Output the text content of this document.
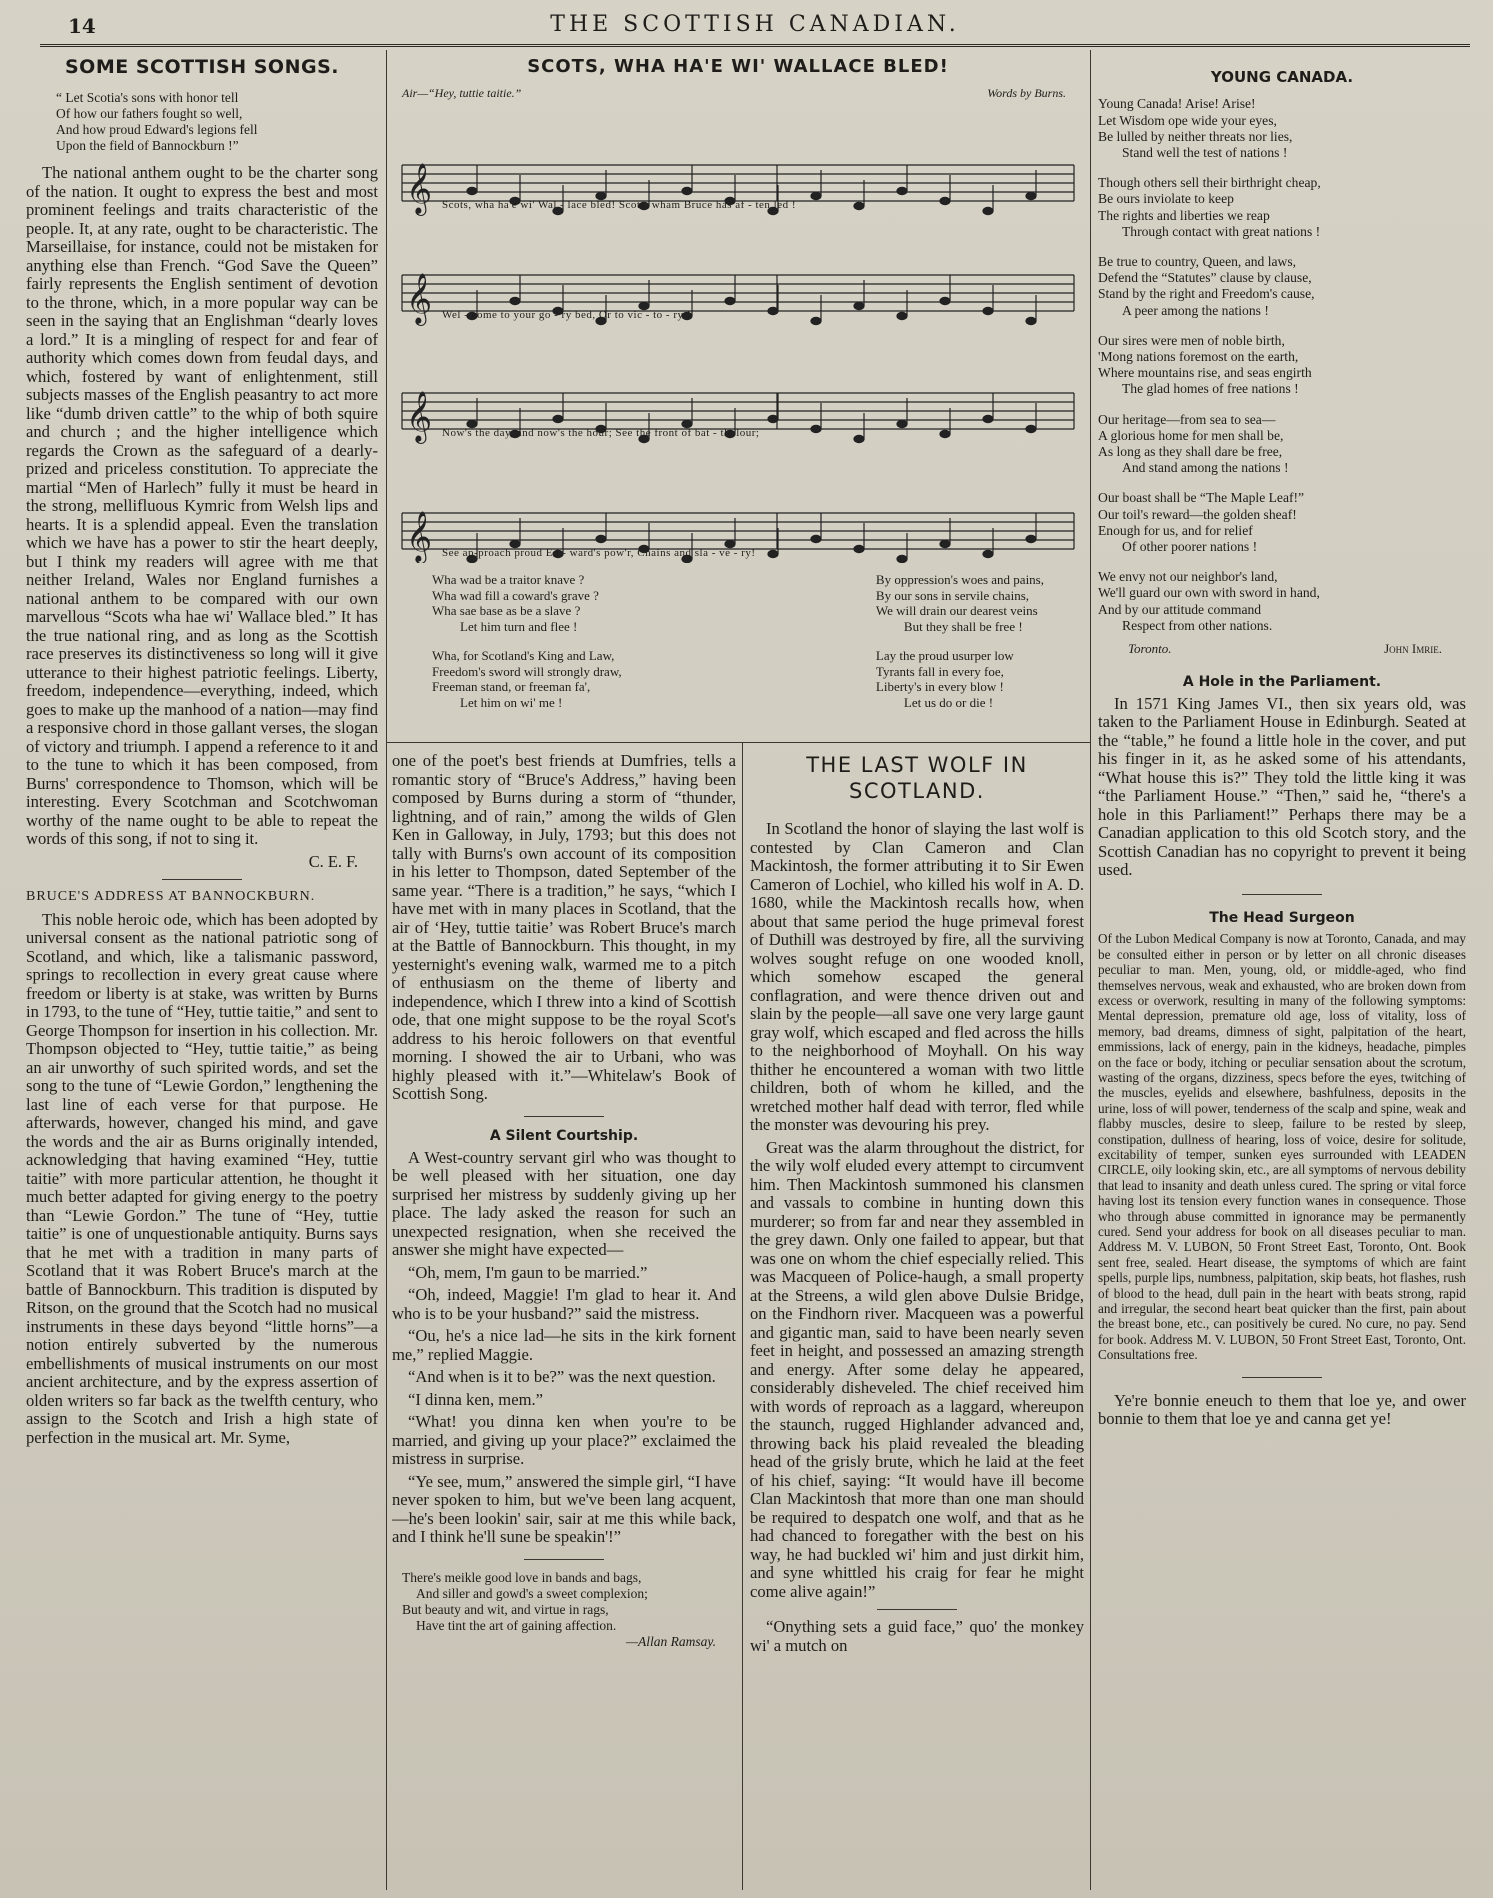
14	THE SCOTTISH CANADIAN.
SOME SCOTTISH SONGS.
“ Let Scotia's sons with honor tell
Of how our fathers fought so well,
And how proud Edward's legions fell
Upon the field of Bannockburn !”

The national anthem ought to be the charter song of the nation. It ought to express the best and most prominent feelings and traits characteristic of the people. It, at any rate, ought to be characteristic. The Marseillaise, for instance, could not be mistaken for anything else than French. “God Save the Queen” fairly represents the English sentiment of devotion to the throne, which, in a more popular way can be seen in the saying that an Englishman “dearly loves a lord.” It is a mingling of respect for and fear of authority which comes down from feudal days, and which, fostered by want of enlightenment, still subjects masses of the English peasantry to act more like “dumb driven cattle” to the whip of both squire and church ; and the higher intelligence which regards the Crown as the safeguard of a dearly-prized and priceless constitution. To appreciate the martial “Men of Harlech” fully it must be heard in the strong, mellifluous Kymric from Welsh lips and hearts. It is a splendid appeal. Even the translation which we have has a power to stir the heart deeply, but I think my readers will agree with me that neither Ireland, Wales nor England furnishes a national anthem to be compared with our own marvellous “Scots wha hae wi' Wallace bled.” It has the true national ring, and as long as the Scottish race preserves its distinctiveness so long will it give utterance to their highest patriotic feelings. Liberty, freedom, independence—everything, indeed, which goes to make up the manhood of a nation—may find a responsive chord in those gallant verses, the slogan of victory and triumph. I append a reference to it and to the tune to which it has been composed, from Burns' correspondence to Thomson, which will be interesting. Every Scotchman and Scotchwoman worthy of the name ought to be able to repeat the words of this song, if not to sing it.

C. E. F.
BRUCE'S ADDRESS AT BANNOCKBURN.

This noble heroic ode, which has been adopted by universal consent as the national patriotic song of Scotland, and which, like a talismanic password, springs to recollection in every great cause where freedom or liberty is at stake, was written by Burns in 1793, to the tune of “Hey, tuttie taitie,” and sent to George Thompson for insertion in his collection. Mr. Thompson objected to “Hey, tuttie taitie,” as being an air unworthy of such spirited words, and set the song to the tune of “Lewie Gordon,” lengthening the last line of each verse for that purpose. He afterwards, however, changed his mind, and gave the words and the air as Burns originally intended, acknowledging that having examined “Hey, tuttie taitie” with more particular attention, he thought it much better adapted for giving energy to the poetry than “Lewie Gordon.” The tune of “Hey, tuttie taitie” is one of unquestionable antiquity. Burns says that he met with a tradition in many parts of Scotland that it was Robert Bruce's march at the battle of Bannockburn. This tradition is disputed by Ritson, on the ground that the Scotch had no musical instruments in these days beyond “little horns”—a notion entirely subverted by the numerous embellishments of musical instruments on our most ancient architecture, and by the express assertion of olden writers so far back as the twelfth century, who assign to the Scotch and Irish a high state of perfection in the musical art. Mr. Syme,

SCOTS, WHA HA'E WI' WALLACE BLED!
Air—“Hey, tuttie taitie.”	Words by Burns.
𝄞
𝄞
𝄞
𝄞
Scots, wha ha'e wi' Wal - lace bled! Scots, wham Bruce has af - ten led !
Wel - come to your go - ry bed, Or to vic - to - ry !
Now's the day, and now's the hour; See the front of bat - tle lour;
See ap-proach proud Ed - ward's pow'r, Chains and sla - ve - ry!
Wha wad be a traitor knave ?
Wha wad fill a coward's grave ?
Wha sae base as be a slave ?
Let him turn and flee !
Wha, for Scotland's King and Law,
Freedom's sword will strongly draw,
Freeman stand, or freeman fa',
Let him on wi' me !
By oppression's woes and pains,
By our sons in servile chains,
We will drain our dearest veins
But they shall be free !
Lay the proud usurper low
Tyrants fall in every foe,
Liberty's in every blow !
Let us do or die !

one of the poet's best friends at Dumfries, tells a romantic story of “Bruce's Address,” having been composed by Burns during a storm of “thunder, lightning, and of rain,” among the wilds of Glen Ken in Galloway, in July, 1793; but this does not tally with Burns's own account of its composition in his letter to Thompson, dated September of the same year. “There is a tradition,” he says, “which I have met with in many places in Scotland, that the air of ‘Hey, tuttie taitie’ was Robert Bruce's march at the Battle of Bannockburn. This thought, in my yesternight's evening walk, warmed me to a pitch of enthusiasm on the theme of liberty and independence, which I threw into a kind of Scottish ode, that one might suppose to be the royal Scot's address to his heroic followers on that eventful morning. I showed the air to Urbani, who was highly pleased with it.”—Whitelaw's Book of Scottish Song.

A Silent Courtship.

A West-country servant girl who was thought to be well pleased with her situation, one day surprised her mistress by suddenly giving up her place. The lady asked the reason for such an unexpected resignation, when she received the answer she might have expected—

“Oh, mem, I'm gaun to be married.”

“Oh, indeed, Maggie! I'm glad to hear it. And who is to be your husband?” said the mistress.

“Ou, he's a nice lad—he sits in the kirk fornent me,” replied Maggie.

“And when is it to be?” was the next question.

“I dinna ken, mem.”

“What! you dinna ken when you're to be married, and giving up your place?” exclaimed the mistress in surprise.

“Ye see, mum,” answered the simple girl, “I have never spoken to him, but we've been lang acquent,—he's been lookin' sair, sair at me this while back, and I think he'll sune be speakin'!”

There's meikle good love in bands and bags,
And siller and gowd's a sweet complexion;
But beauty and wit, and virtue in rags,
Have tint the art of gaining affection.
—Allan Ramsay.
THE LAST WOLF IN SCOTLAND.

In Scotland the honor of slaying the last wolf is contested by Clan Cameron and Clan Mackintosh, the former attributing it to Sir Ewen Cameron of Lochiel, who killed his wolf in A. D. 1680, while the Mackintosh recalls how, when about that same period the huge primeval forest of Duthill was destroyed by fire, all the surviving wolves sought refuge on one wooded knoll, which somehow escaped the general conflagration, and were thence driven out and slain by the people—all save one very large gaunt gray wolf, which escaped and fled across the hills to the neighborhood of Moyhall. On his way thither he encountered a woman with two little children, both of whom he killed, and the wretched mother half dead with terror, fled while the monster was devouring his prey.

Great was the alarm throughout the district, for the wily wolf eluded every attempt to circumvent him. Then Mackintosh summoned his clansmen and vassals to combine in hunting down this murderer; so from far and near they assembled in the grey dawn. Only one failed to appear, but that was one on whom the chief especially relied. This was Macqueen of Police-haugh, a small property at the Streens, a wild glen above Dulsie Bridge, on the Findhorn river. Macqueen was a powerful and gigantic man, said to have been nearly seven feet in height, and possessed an amazing strength and energy. After some delay he appeared, considerably disheveled. The chief received him with words of reproach as a laggard, whereupon the staunch, rugged Highlander advanced and, throwing back his plaid revealed the bleading head of the grisly brute, which he laid at the feet of his chief, saying: “It would have ill become Clan Mackintosh that more than one man should be required to despatch one wolf, and that as he had chanced to foregather with the best on his way, he had buckled wi' him and just dirkit him, and syne whittled his craig for fear he might come alive again!”

“Onything sets a guid face,” quo' the monkey wi' a mutch on

YOUNG CANADA.
Young Canada! Arise! Arise!
Let Wisdom ope wide your eyes,
Be lulled by neither threats nor lies,
Stand well the test of nations !
Though others sell their birthright cheap,
Be ours inviolate to keep
The rights and liberties we reap
Through contact with great nations !
Be true to country, Queen, and laws,
Defend the “Statutes” clause by clause,
Stand by the right and Freedom's cause,
A peer among the nations !
Our sires were men of noble birth,
'Mong nations foremost on the earth,
Where mountains rise, and seas engirth
The glad homes of free nations !
Our heritage—from sea to sea—
A glorious home for men shall be,
As long as they shall dare be free,
And stand among the nations !
Our boast shall be “The Maple Leaf!”
Our toil's reward—the golden sheaf!
Enough for us, and for relief
Of other poorer nations !
We envy not our neighbor's land,
We'll guard our own with sword in hand,
And by our attitude command
Respect from other nations.
Toronto.	John Imrie.
A Hole in the Parliament.

In 1571 King James VI., then six years old, was taken to the Parliament House in Edinburgh. Seated at the “table,” he found a little hole in the cover, and put his finger in it, as he asked some of his attendants, “What house this is?” They told the little king it was “the Parliament House.” “Then,” said he, “there's a hole in this Parliament!” Perhaps there may be a Canadian application to this old Scotch story, and the Scottish Canadian has no copyright to prevent it being used.

The Head Surgeon

Of the Lubon Medical Company is now at Toronto, Canada, and may be consulted either in person or by letter on all chronic diseases peculiar to man. Men, young, old, or middle-aged, who find themselves nervous, weak and exhausted, who are broken down from excess or overwork, resulting in many of the following symptoms: Mental depression, premature old age, loss of vitality, loss of memory, bad dreams, dimness of sight, palpitation of the heart, emmissions, lack of energy, pain in the kidneys, headache, pimples on the face or body, itching or peculiar sensation about the scrotum, wasting of the organs, dizziness, specs before the eyes, twitching of the muscles, eyelids and elsewhere, bashfulness, deposits in the urine, loss of will power, tenderness of the scalp and spine, weak and flabby muscles, desire to sleep, failure to be rested by sleep, constipation, dullness of hearing, loss of voice, desire for solitude, excitability of temper, sunken eyes surrounded with LEADEN CIRCLE, oily looking skin, etc., are all symptoms of nervous debility that lead to insanity and death unless cured. The spring or vital force having lost its tension every function wanes in consequence. Those who through abuse committed in ignorance may be permanently cured. Send your address for book on all diseases peculiar to man. Address M. V. LUBON, 50 Front Street East, Toronto, Ont. Book sent free, sealed. Heart disease, the symptoms of which are faint spells, purple lips, numbness, palpitation, skip beats, hot flashes, rush of blood to the head, dull pain in the heart with beats strong, rapid and irregular, the second heart beat quicker than the first, pain about the breast bone, etc., can positively be cured. No cure, no pay. Send for book. Address M. V. LUBON, 50 Front Street East, Toronto, Ont. Consultations free.

Ye're bonnie eneuch to them that loe ye, and ower bonnie to them that loe ye and canna get ye!
